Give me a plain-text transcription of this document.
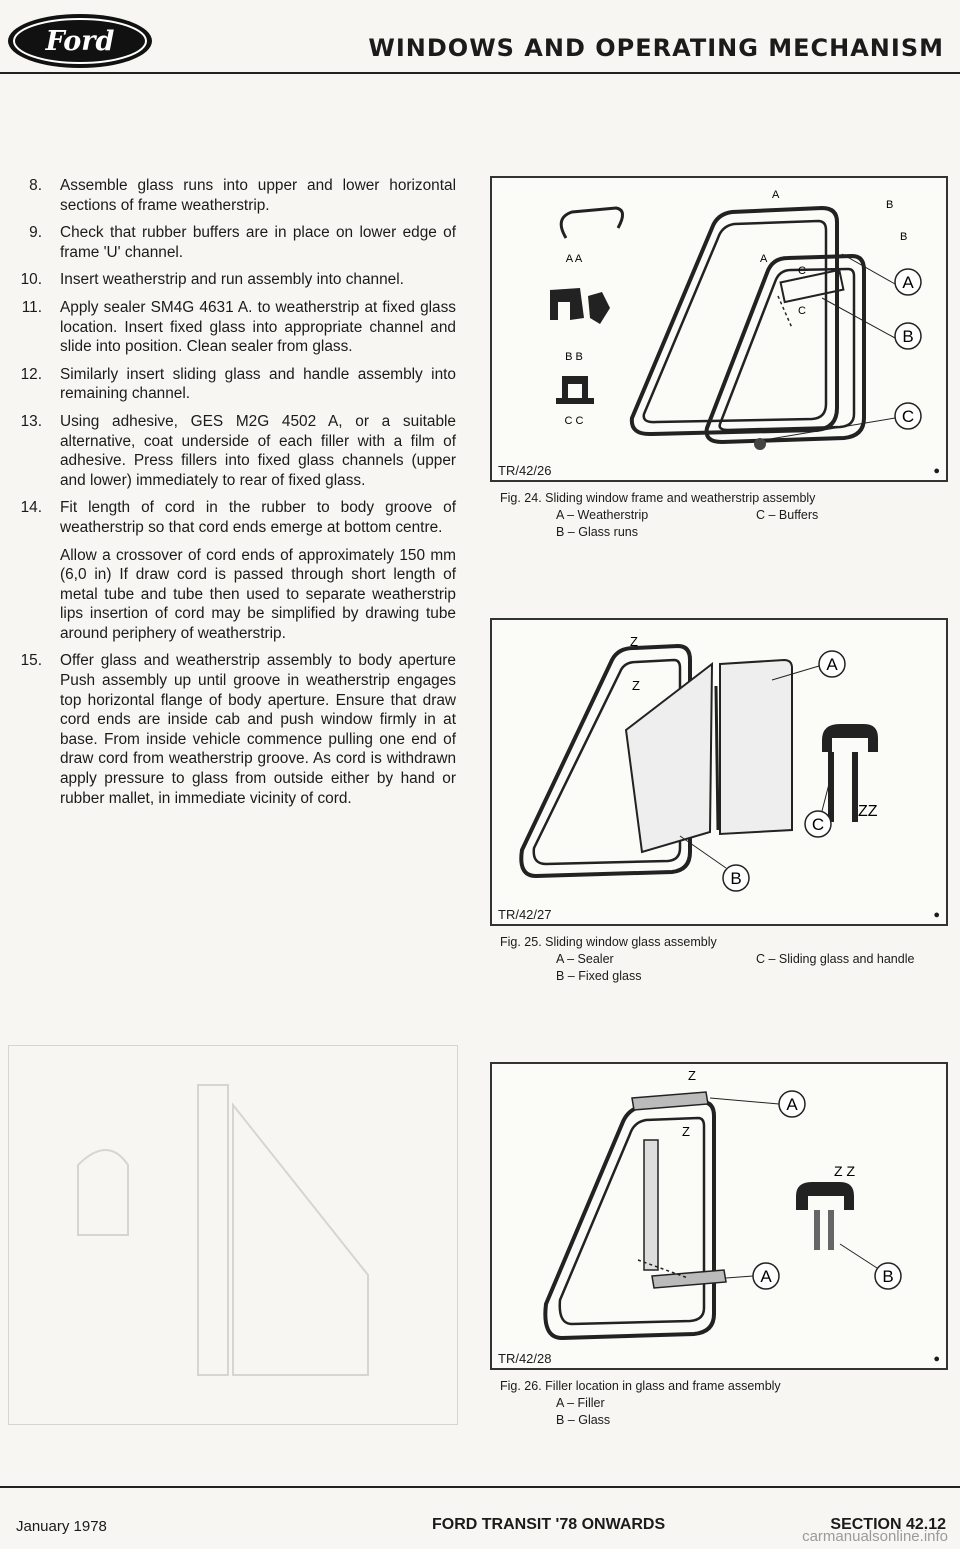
Ford	WINDOWS AND OPERATING MECHANISM
8. Assemble glass runs into upper and lower horizontal sections of frame weatherstrip.

9. Check that rubber buffers are in place on lower edge of frame 'U' channel.

10. Insert weatherstrip and run assembly into channel.

11. Apply sealer SM4G 4631 A. to weatherstrip at fixed glass location. Insert fixed glass into appropriate channel and slide into position. Clean sealer from glass.

12. Similarly insert sliding glass and handle assembly into remaining channel.

13. Using adhesive, GES M2G 4502 A, or a suitable alternative, coat underside of each filler with a film of adhesive. Press fillers into fixed glass channels (upper and lower) immediately to rear of fixed glass.

14. Fit length of cord in the rubber to body groove of weatherstrip so that cord ends emerge at bottom centre.

Allow a crossover of cord ends of approximately 150 mm (6,0 in) If draw cord is passed through short length of metal tube and tube then used to separate weatherstrip lips insertion of cord may be simplified by drawing tube around periphery of weatherstrip.

15. Offer glass and weatherstrip assembly to body aperture Push assembly up until groove in weatherstrip engages top horizontal flange of body aperture. Ensure that draw cord ends are inside cab and push window firmly in at base. From inside vehicle commence pulling one end of draw cord from weatherstrip groove. As cord is withdrawn apply pressure to glass from outside either by hand or rubber mallet, in immediate vicinity of cord.

A
B
C
A
B
B
A
C
C
A A
B B
C C
TR/42/26	●
Fig. 24. Sliding window frame and weatherstrip assembly
A – Weatherstrip	C – Buffers
B – Glass runs
A
C
B
Z
Z
ZZ
TR/42/27	●
Fig. 25. Sliding window glass assembly
A – Sealer	C – Sliding glass and handle
B – Fixed glass
A
A	B
Z
Z
Z Z
TR/42/28	●
Fig. 26. Filler location in glass and frame assembly
A – Filler
B – Glass
January 1978	FORD TRANSIT '78 ONWARDS	SECTION 42.12
carmanualsonline.info
